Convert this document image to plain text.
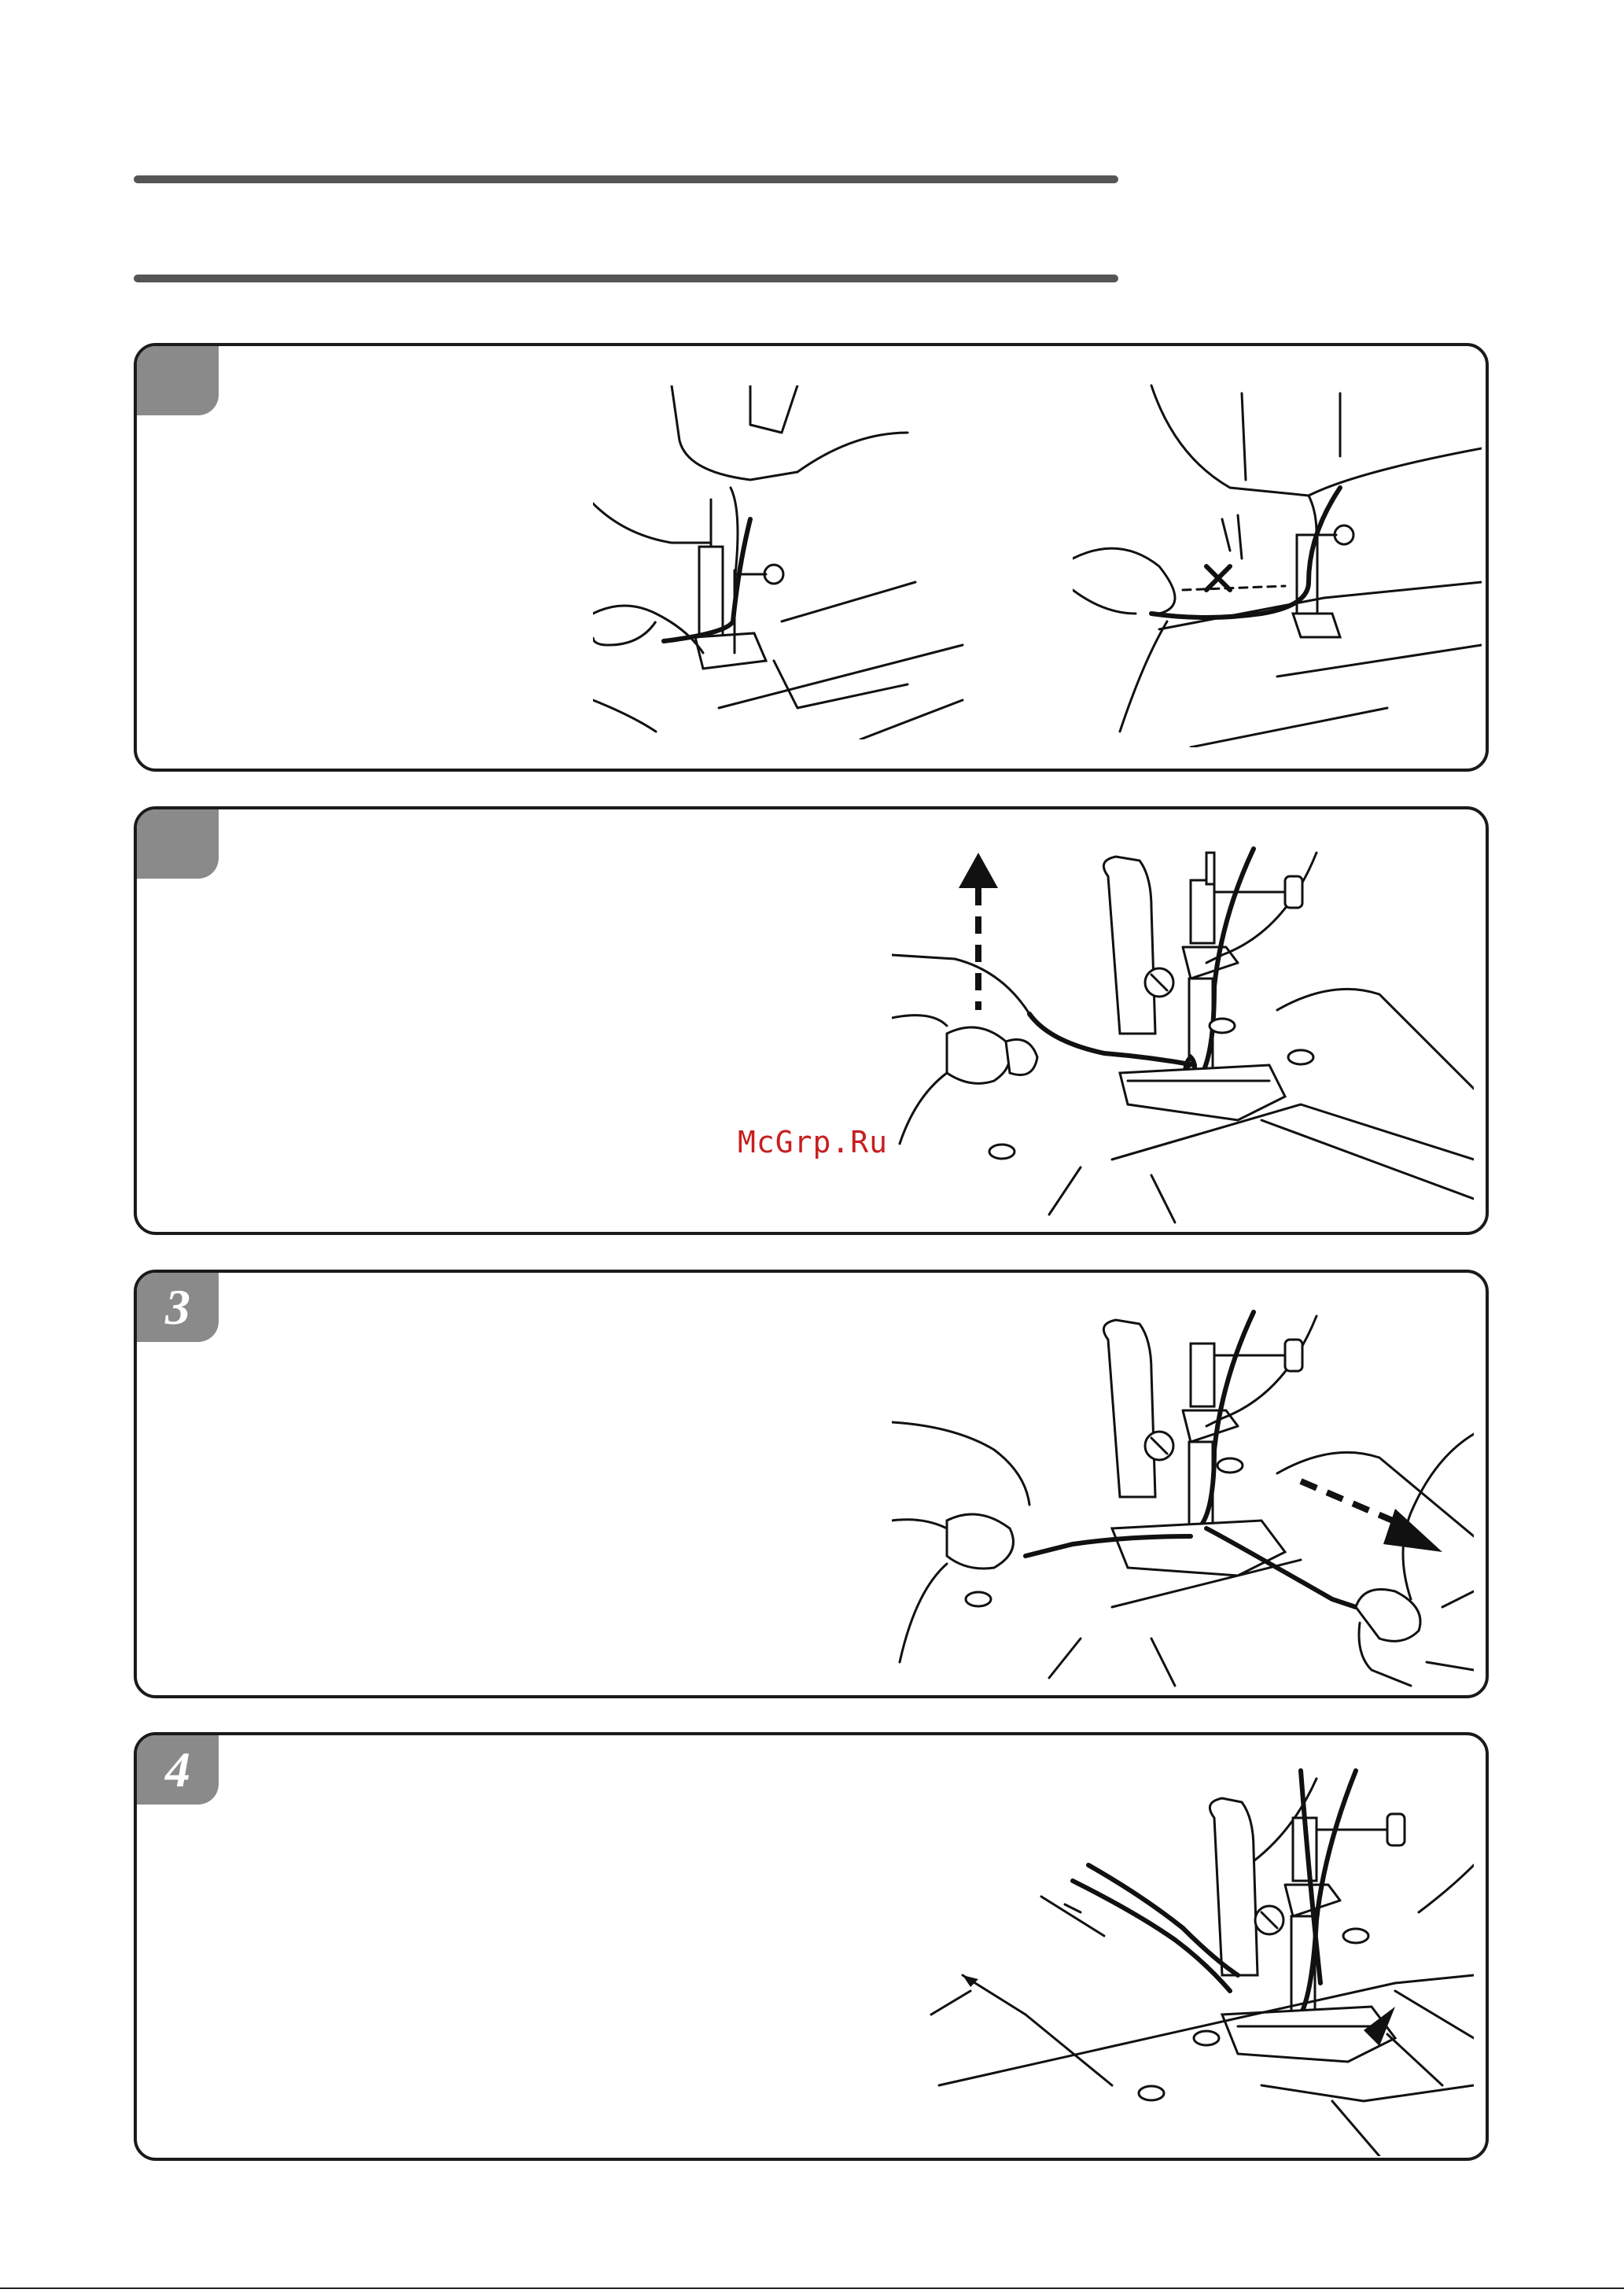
McGrp.Ru
3
4
